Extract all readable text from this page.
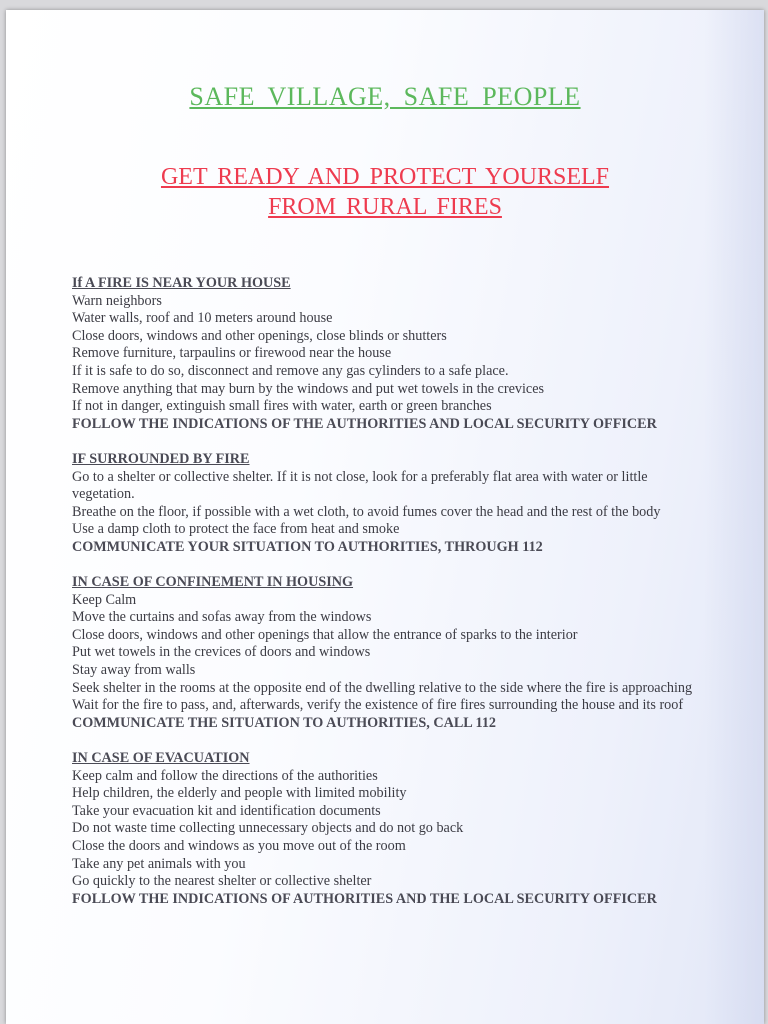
SAFE VILLAGE, SAFE PEOPLE
GET READY AND PROTECT YOURSELF
FROM RURAL FIRES
If A FIRE IS NEAR YOUR HOUSE
Warn neighbors
Water walls, roof and 10 meters around house
Close doors, windows and other openings, close blinds or shutters
Remove furniture, tarpaulins or firewood near the house
If it is safe to do so, disconnect and remove any gas cylinders to a safe place.
Remove anything that may burn by the windows and put wet towels in the crevices
If not in danger, extinguish small fires with water, earth or green branches

FOLLOW THE INDICATIONS OF THE AUTHORITIES AND LOCAL SECURITY OFFICER

IF SURROUNDED BY FIRE
Go to a shelter or collective shelter. If it is not close, look for a preferably flat area with water or little vegetation.
Breathe on the floor, if possible with a wet cloth, to avoid fumes cover the head and the rest of the body
Use a damp cloth to protect the face from heat and smoke

COMMUNICATE YOUR SITUATION TO AUTHORITIES, THROUGH 112

IN CASE OF CONFINEMENT IN HOUSING
Keep Calm
Move the curtains and sofas away from the windows
Close doors, windows and other openings that allow the entrance of sparks to the interior
Put wet towels in the crevices of doors and windows
Stay away from walls
Seek shelter in the rooms at the opposite end of the dwelling relative to the side where the fire is approaching
Wait for the fire to pass, and, afterwards, verify the existence of fire fires surrounding the house and its roof

COMMUNICATE THE SITUATION TO AUTHORITIES, CALL 112

IN CASE OF EVACUATION
Keep calm and follow the directions of the authorities
Help children, the elderly and people with limited mobility
Take your evacuation kit and identification documents
Do not waste time collecting unnecessary objects and do not go back
Close the doors and windows as you move out of the room
Take any pet animals with you
Go quickly to the nearest shelter or collective shelter

FOLLOW THE INDICATIONS OF AUTHORITIES AND THE LOCAL SECURITY OFFICER
